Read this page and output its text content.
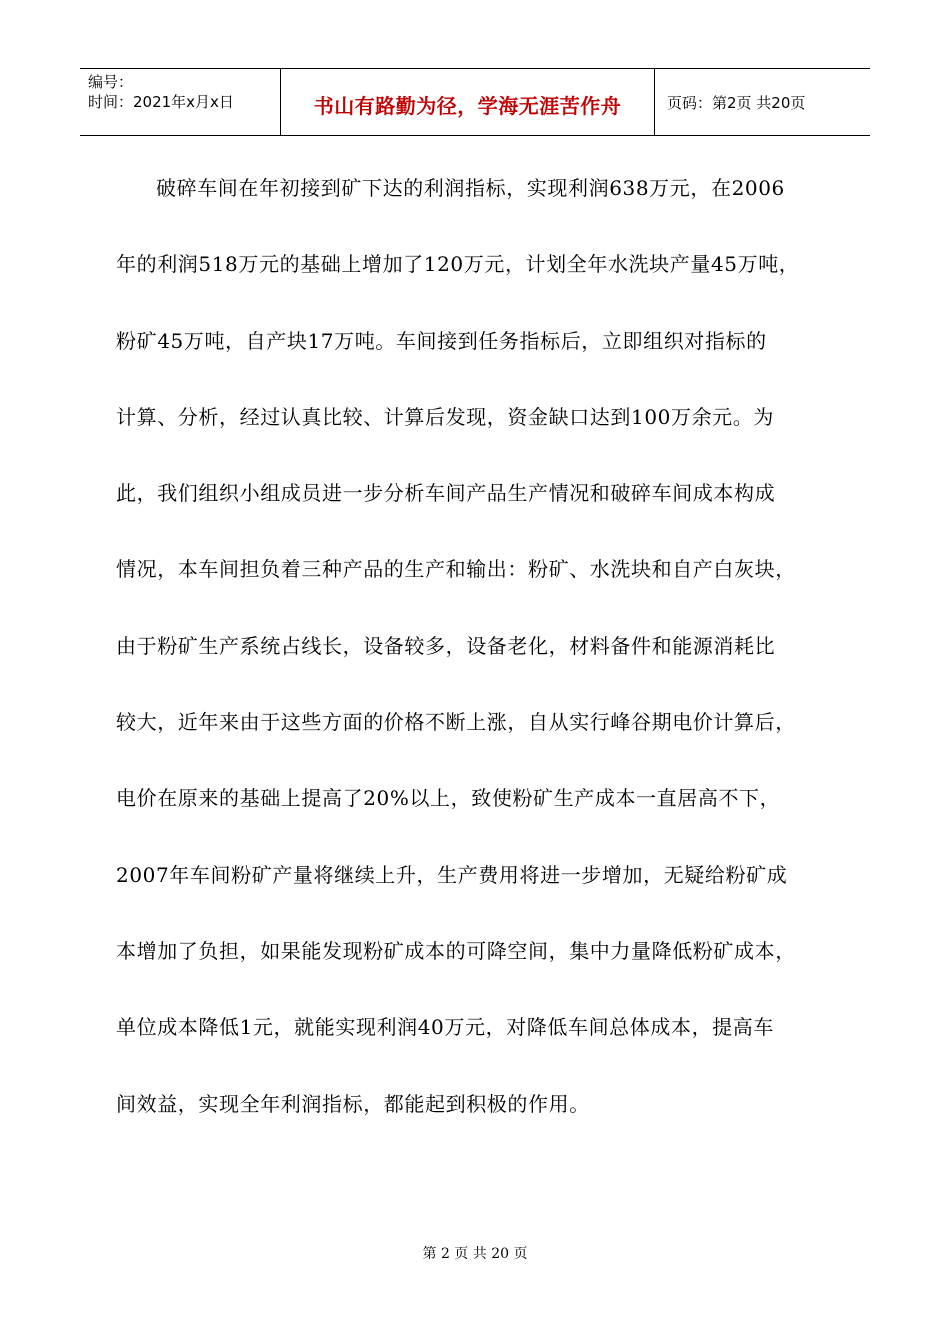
编号：
时间：2021年x月x日	书山有路勤为径，学海无涯苦作舟	页码：第2页 共20页
破碎车间在年初接到矿下达的利润指标，实现利润638万元，在2006
年的利润518万元的基础上增加了120万元，计划全年水洗块产量45万吨，
粉矿45万吨，自产块17万吨。车间接到任务指标后，立即组织对指标的
计算、分析，经过认真比较、计算后发现，资金缺口达到100万余元。为
此，我们组织小组成员进一步分析车间产品生产情况和破碎车间成本构成
情况，本车间担负着三种产品的生产和输出：粉矿、水洗块和自产白灰块，
由于粉矿生产系统占线长，设备较多，设备老化，材料备件和能源消耗比
较大，近年来由于这些方面的价格不断上涨，自从实行峰谷期电价计算后，
电价在原来的基础上提高了20%以上，致使粉矿生产成本一直居高不下，
2007年车间粉矿产量将继续上升，生产费用将进一步增加，无疑给粉矿成
本增加了负担，如果能发现粉矿成本的可降空间，集中力量降低粉矿成本，
单位成本降低1元，就能实现利润40万元，对降低车间总体成本，提高车
间效益，实现全年利润指标，都能起到积极的作用。
第 2 页 共 20 页
